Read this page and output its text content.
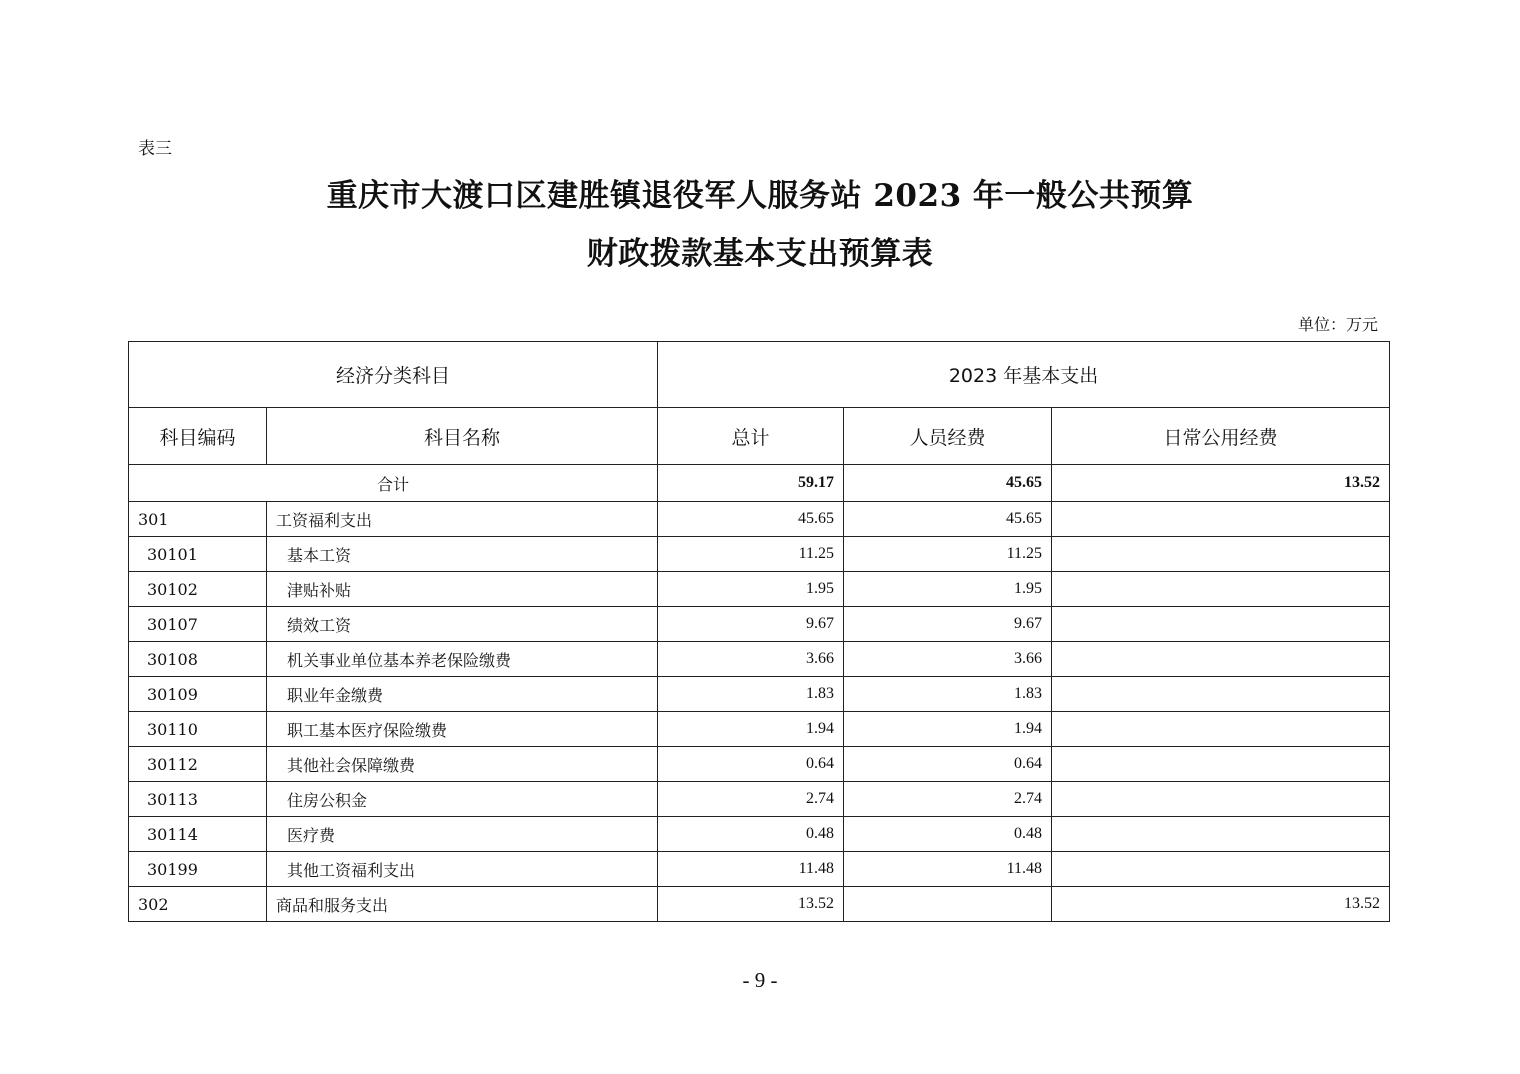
表三
重庆市大渡口区建胜镇退役军人服务站 2023 年一般公共预算
财政拨款基本支出预算表
单位：万元
经济分类科目		2023 年基本支出		
科目编码	科目名称	总计	人员经费	日常公用经费
合计		59.17	45.65	13.52
301	工资福利支出	45.65	45.65	
30101	基本工资	11.25	11.25	
30102	津贴补贴	1.95	1.95	
30107	绩效工资	9.67	9.67	
30108	机关事业单位基本养老保险缴费	3.66	3.66	
30109	职业年金缴费	1.83	1.83	
30110	职工基本医疗保险缴费	1.94	1.94	
30112	其他社会保障缴费	0.64	0.64	
30113	住房公积金	2.74	2.74	
30114	医疗费	0.48	0.48	
30199	其他工资福利支出	11.48	11.48	
302	商品和服务支出	13.52		13.52
- 9 -
